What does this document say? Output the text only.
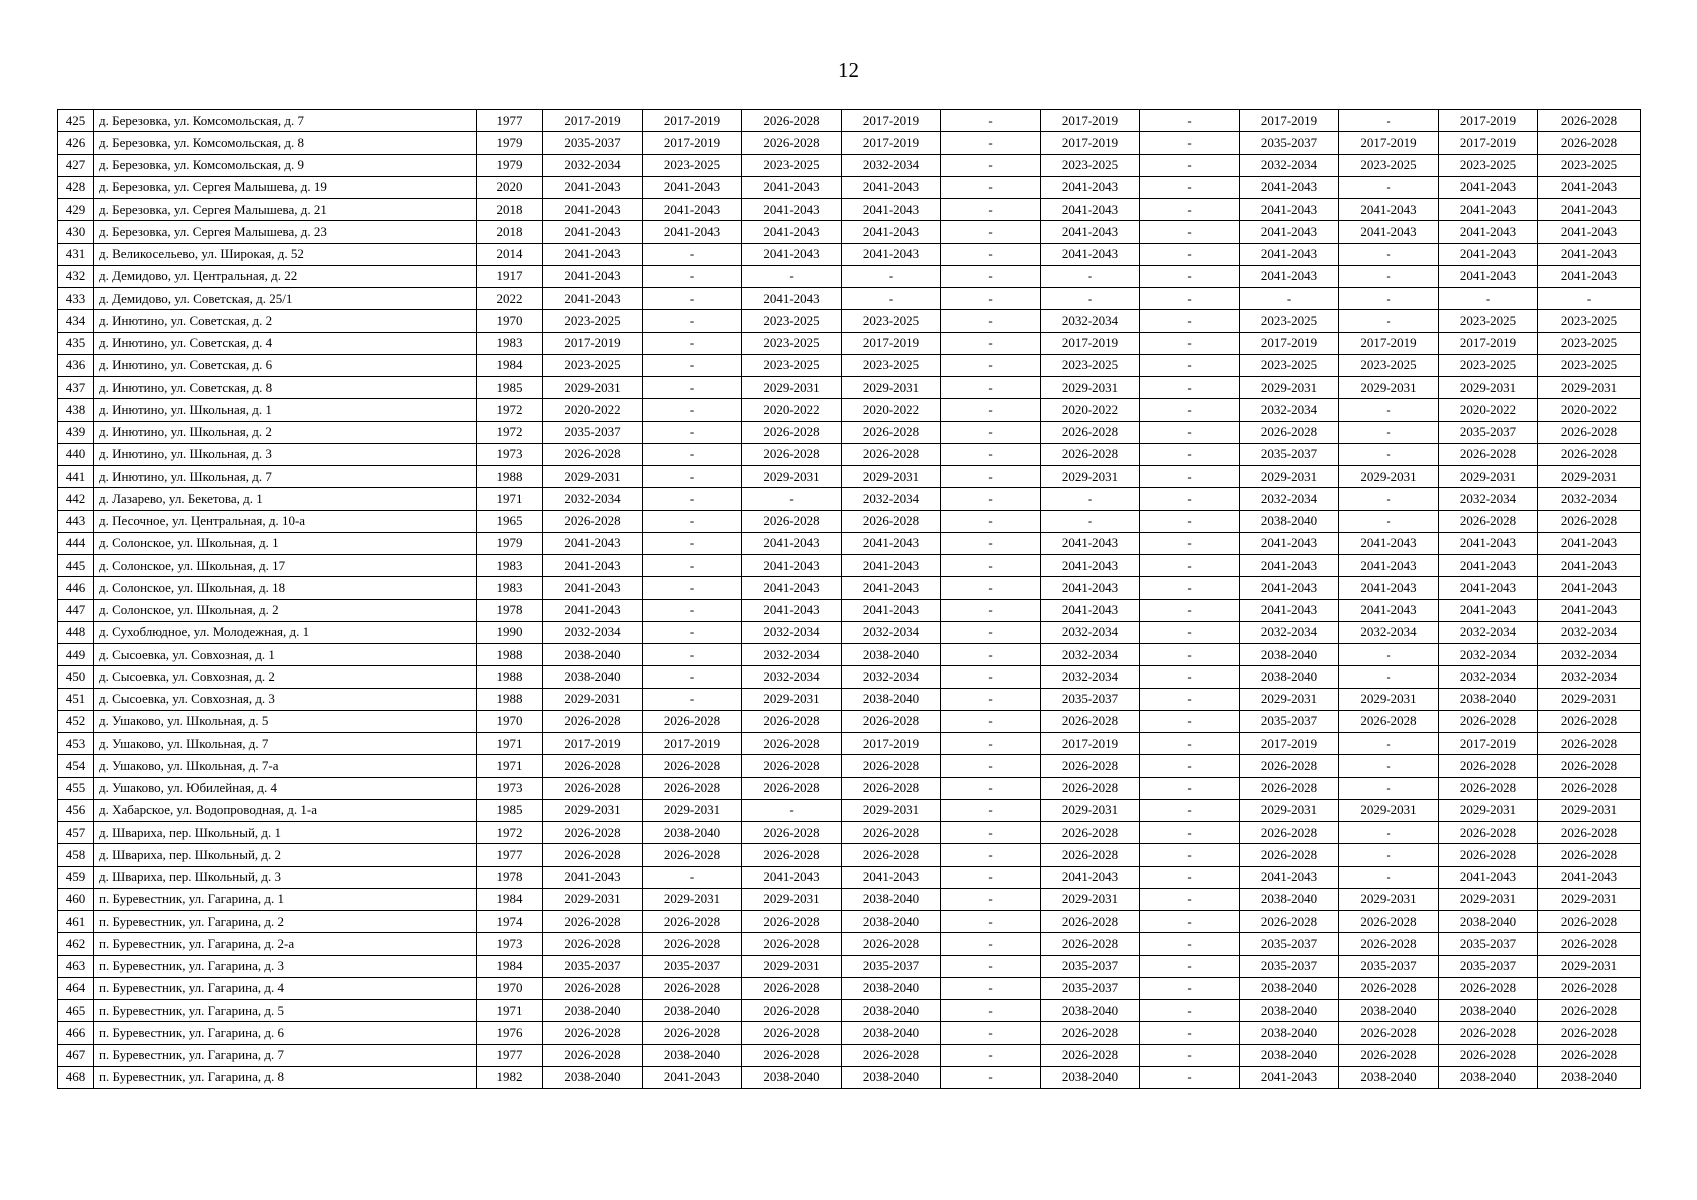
12
425	д. Березовка, ул. Комсомольская, д. 7	1977	2017-2019	2017-2019	2026-2028	2017-2019	-	2017-2019	-	2017-2019	-	2017-2019	2026-2028
426	д. Березовка, ул. Комсомольская, д. 8	1979	2035-2037	2017-2019	2026-2028	2017-2019	-	2017-2019	-	2035-2037	2017-2019	2017-2019	2026-2028
427	д. Березовка, ул. Комсомольская, д. 9	1979	2032-2034	2023-2025	2023-2025	2032-2034	-	2023-2025	-	2032-2034	2023-2025	2023-2025	2023-2025
428	д. Березовка, ул. Сергея Малышева, д. 19	2020	2041-2043	2041-2043	2041-2043	2041-2043	-	2041-2043	-	2041-2043	-	2041-2043	2041-2043
429	д. Березовка, ул. Сергея Малышева, д. 21	2018	2041-2043	2041-2043	2041-2043	2041-2043	-	2041-2043	-	2041-2043	2041-2043	2041-2043	2041-2043
430	д. Березовка, ул. Сергея Малышева, д. 23	2018	2041-2043	2041-2043	2041-2043	2041-2043	-	2041-2043	-	2041-2043	2041-2043	2041-2043	2041-2043
431	д. Великосельево, ул. Широкая, д. 52	2014	2041-2043	-	2041-2043	2041-2043	-	2041-2043	-	2041-2043	-	2041-2043	2041-2043
432	д. Демидово, ул. Центральная, д. 22	1917	2041-2043	-	-	-	-	-	-	2041-2043	-	2041-2043	2041-2043
433	д. Демидово, ул. Советская, д. 25/1	2022	2041-2043	-	2041-2043	-	-	-	-	-	-	-	-
434	д. Инютино, ул. Советская, д. 2	1970	2023-2025	-	2023-2025	2023-2025	-	2032-2034	-	2023-2025	-	2023-2025	2023-2025
435	д. Инютино, ул. Советская, д. 4	1983	2017-2019	-	2023-2025	2017-2019	-	2017-2019	-	2017-2019	2017-2019	2017-2019	2023-2025
436	д. Инютино, ул. Советская, д. 6	1984	2023-2025	-	2023-2025	2023-2025	-	2023-2025	-	2023-2025	2023-2025	2023-2025	2023-2025
437	д. Инютино, ул. Советская, д. 8	1985	2029-2031	-	2029-2031	2029-2031	-	2029-2031	-	2029-2031	2029-2031	2029-2031	2029-2031
438	д. Инютино, ул. Школьная, д. 1	1972	2020-2022	-	2020-2022	2020-2022	-	2020-2022	-	2032-2034	-	2020-2022	2020-2022
439	д. Инютино, ул. Школьная, д. 2	1972	2035-2037	-	2026-2028	2026-2028	-	2026-2028	-	2026-2028	-	2035-2037	2026-2028
440	д. Инютино, ул. Школьная, д. 3	1973	2026-2028	-	2026-2028	2026-2028	-	2026-2028	-	2035-2037	-	2026-2028	2026-2028
441	д. Инютино, ул. Школьная, д. 7	1988	2029-2031	-	2029-2031	2029-2031	-	2029-2031	-	2029-2031	2029-2031	2029-2031	2029-2031
442	д. Лазарево, ул. Бекетова, д. 1	1971	2032-2034	-	-	2032-2034	-	-	-	2032-2034	-	2032-2034	2032-2034
443	д. Песочное, ул. Центральная, д. 10-а	1965	2026-2028	-	2026-2028	2026-2028	-	-	-	2038-2040	-	2026-2028	2026-2028
444	д. Солонское, ул. Школьная, д. 1	1979	2041-2043	-	2041-2043	2041-2043	-	2041-2043	-	2041-2043	2041-2043	2041-2043	2041-2043
445	д. Солонское, ул. Школьная, д. 17	1983	2041-2043	-	2041-2043	2041-2043	-	2041-2043	-	2041-2043	2041-2043	2041-2043	2041-2043
446	д. Солонское, ул. Школьная, д. 18	1983	2041-2043	-	2041-2043	2041-2043	-	2041-2043	-	2041-2043	2041-2043	2041-2043	2041-2043
447	д. Солонское, ул. Школьная, д. 2	1978	2041-2043	-	2041-2043	2041-2043	-	2041-2043	-	2041-2043	2041-2043	2041-2043	2041-2043
448	д. Сухоблюдное, ул. Молодежная, д. 1	1990	2032-2034	-	2032-2034	2032-2034	-	2032-2034	-	2032-2034	2032-2034	2032-2034	2032-2034
449	д. Сысоевка, ул. Совхозная, д. 1	1988	2038-2040	-	2032-2034	2038-2040	-	2032-2034	-	2038-2040	-	2032-2034	2032-2034
450	д. Сысоевка, ул. Совхозная, д. 2	1988	2038-2040	-	2032-2034	2032-2034	-	2032-2034	-	2038-2040	-	2032-2034	2032-2034
451	д. Сысоевка, ул. Совхозная, д. 3	1988	2029-2031	-	2029-2031	2038-2040	-	2035-2037	-	2029-2031	2029-2031	2038-2040	2029-2031
452	д. Ушаково, ул. Школьная, д. 5	1970	2026-2028	2026-2028	2026-2028	2026-2028	-	2026-2028	-	2035-2037	2026-2028	2026-2028	2026-2028
453	д. Ушаково, ул. Школьная, д. 7	1971	2017-2019	2017-2019	2026-2028	2017-2019	-	2017-2019	-	2017-2019	-	2017-2019	2026-2028
454	д. Ушаково, ул. Школьная, д. 7-а	1971	2026-2028	2026-2028	2026-2028	2026-2028	-	2026-2028	-	2026-2028	-	2026-2028	2026-2028
455	д. Ушаково, ул. Юбилейная, д. 4	1973	2026-2028	2026-2028	2026-2028	2026-2028	-	2026-2028	-	2026-2028	-	2026-2028	2026-2028
456	д. Хабарское, ул. Водопроводная, д. 1-а	1985	2029-2031	2029-2031	-	2029-2031	-	2029-2031	-	2029-2031	2029-2031	2029-2031	2029-2031
457	д. Швариха, пер. Школьный, д. 1	1972	2026-2028	2038-2040	2026-2028	2026-2028	-	2026-2028	-	2026-2028	-	2026-2028	2026-2028
458	д. Швариха, пер. Школьный, д. 2	1977	2026-2028	2026-2028	2026-2028	2026-2028	-	2026-2028	-	2026-2028	-	2026-2028	2026-2028
459	д. Швариха, пер. Школьный, д. 3	1978	2041-2043	-	2041-2043	2041-2043	-	2041-2043	-	2041-2043	-	2041-2043	2041-2043
460	п. Буревестник, ул. Гагарина, д. 1	1984	2029-2031	2029-2031	2029-2031	2038-2040	-	2029-2031	-	2038-2040	2029-2031	2029-2031	2029-2031
461	п. Буревестник, ул. Гагарина, д. 2	1974	2026-2028	2026-2028	2026-2028	2038-2040	-	2026-2028	-	2026-2028	2026-2028	2038-2040	2026-2028
462	п. Буревестник, ул. Гагарина, д. 2-а	1973	2026-2028	2026-2028	2026-2028	2026-2028	-	2026-2028	-	2035-2037	2026-2028	2035-2037	2026-2028
463	п. Буревестник, ул. Гагарина, д. 3	1984	2035-2037	2035-2037	2029-2031	2035-2037	-	2035-2037	-	2035-2037	2035-2037	2035-2037	2029-2031
464	п. Буревестник, ул. Гагарина, д. 4	1970	2026-2028	2026-2028	2026-2028	2038-2040	-	2035-2037	-	2038-2040	2026-2028	2026-2028	2026-2028
465	п. Буревестник, ул. Гагарина, д. 5	1971	2038-2040	2038-2040	2026-2028	2038-2040	-	2038-2040	-	2038-2040	2038-2040	2038-2040	2026-2028
466	п. Буревестник, ул. Гагарина, д. 6	1976	2026-2028	2026-2028	2026-2028	2038-2040	-	2026-2028	-	2038-2040	2026-2028	2026-2028	2026-2028
467	п. Буревестник, ул. Гагарина, д. 7	1977	2026-2028	2038-2040	2026-2028	2026-2028	-	2026-2028	-	2038-2040	2026-2028	2026-2028	2026-2028
468	п. Буревестник, ул. Гагарина, д. 8	1982	2038-2040	2041-2043	2038-2040	2038-2040	-	2038-2040	-	2041-2043	2038-2040	2038-2040	2038-2040
